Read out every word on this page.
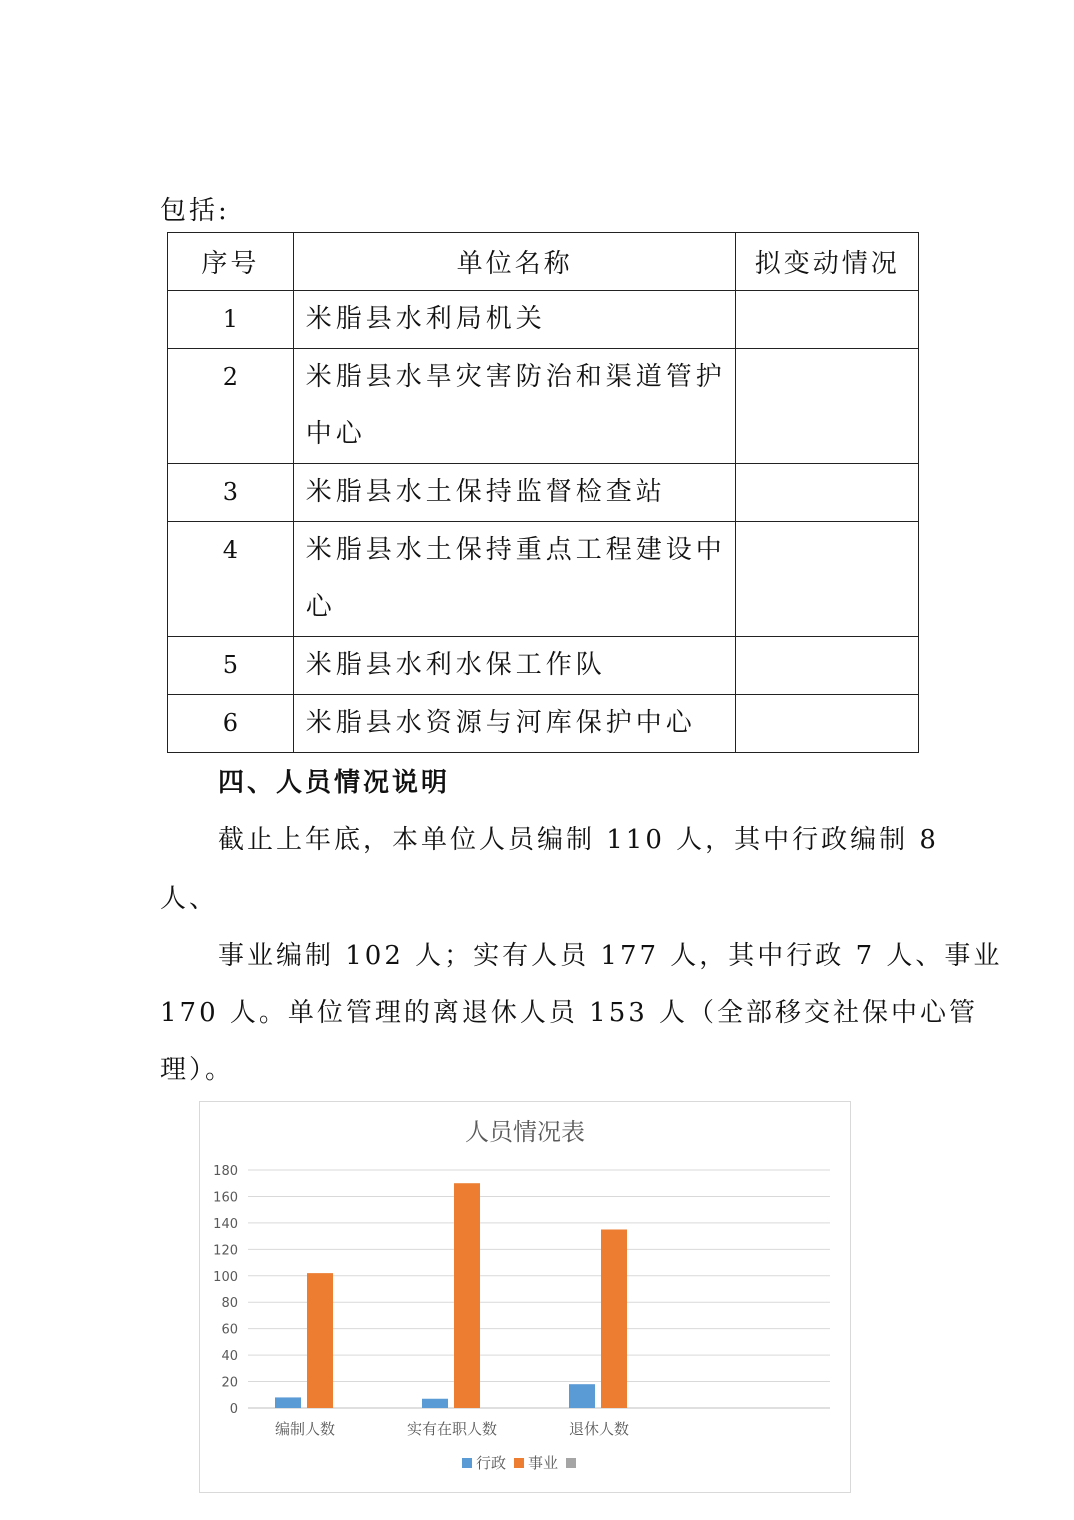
包括:
序号	单位名称	拟变动情况
1	米脂县水利局机关	
2	米脂县水旱灾害防治和渠道管护
中心	

3	米脂县水土保持监督检查站	
4	米脂县水土保持重点工程建设中
心	

5	米脂县水利水保工作队	
6	米脂县水资源与河库保护中心	
四、人员情况说明
截止上年底，本单位人员编制 110 人，其中行政编制 8
人、
事业编制 102 人；实有人员 177 人，其中行政 7 人、事业
170 人。单位管理的离退休人员 153 人（全部移交社保中心管
理）。
人员情况表
0
20
40
60
80
100
120
140
160
180
编制人数	实有在职人数	退休人数
行政 事业
